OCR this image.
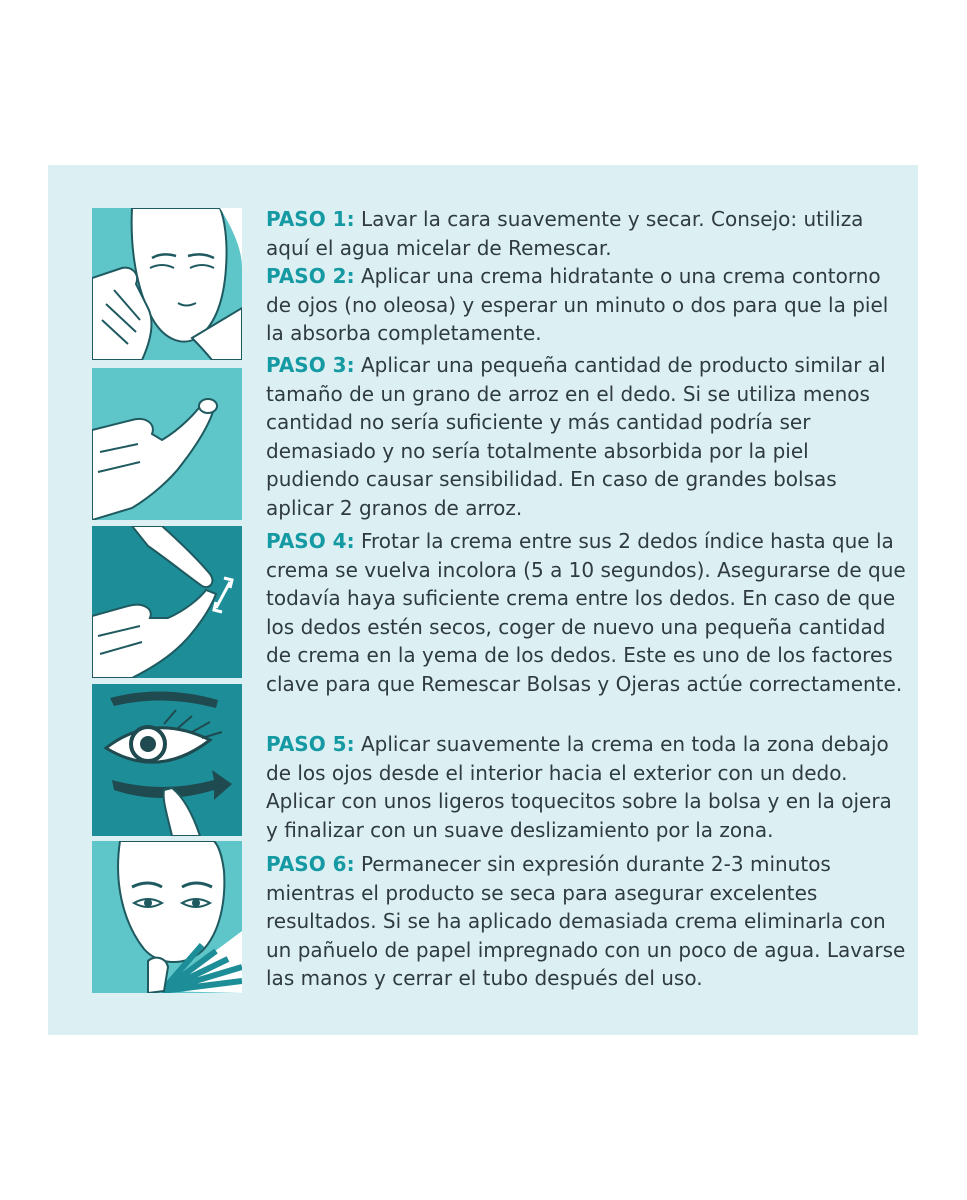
PASO 1: Lavar la cara suavemente y secar. Consejo: utiliza aquí el agua micelar de Remescar.

PASO 2: Aplicar una crema hidratante o una crema contorno de ojos (no oleosa) y esperar un minuto o dos para que la piel la absorba completamente.

PASO 3: Aplicar una pequeña cantidad de producto similar al tamaño de un grano de arroz en el dedo. Si se utiliza menos cantidad no sería suficiente y más cantidad podría ser demasiado y no sería totalmente absorbida por la piel pudiendo causar sensibilidad. En caso de grandes bolsas aplicar 2 granos de arroz.

PASO 4: Frotar la crema entre sus 2 dedos índice hasta que la crema se vuelva incolora (5 a 10 segundos). Asegurarse de que todavía haya suficiente crema entre los dedos. En caso de que los dedos estén secos, coger de nuevo una pequeña cantidad de crema en la yema de los dedos. Este es uno de los factores clave para que Remescar Bolsas y Ojeras actúe correctamente.

PASO 5: Aplicar suavemente la crema en toda la zona debajo de los ojos desde el interior hacia el exterior con un dedo. Aplicar con unos ligeros toquecitos sobre la bolsa y en la ojera y finalizar con un suave deslizamiento por la zona.

PASO 6: Permanecer sin expresión durante 2-3 minutos mientras el producto se seca para asegurar excelentes resultados. Si se ha aplicado demasiada crema eliminarla con un pañuelo de papel impregnado con un poco de agua. Lavarse las manos y cerrar el tubo después del uso.
